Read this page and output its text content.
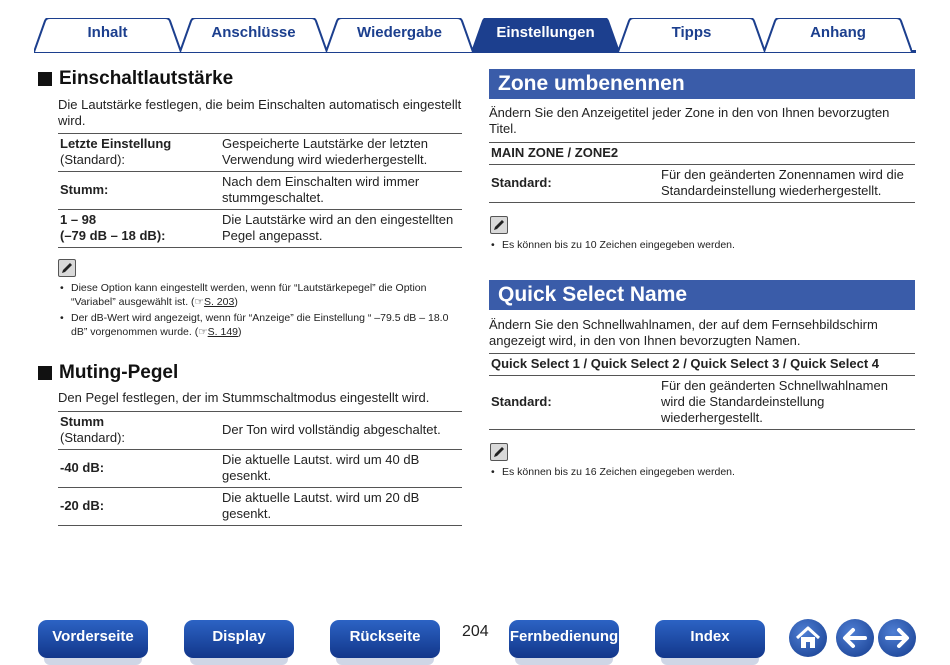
Inhalt	Anschlüsse	Wiedergabe	Einstellungen	Tipps	Anhang
Einschaltlautstärke
Die Lautstärke festlegen, die beim Einschalten automatisch eingestellt wird.
Letzte Einstellung
(Standard):	Gespeicherte Lautstärke der letzten Verwendung wird wiederhergestellt.
Stumm:	Nach dem Einschalten wird immer stummgeschaltet.

1 – 98
(–79 dB – 18 dB):	Die Lautstärke wird an den eingestellten Pegel angepasst.
• Diese Option kann eingestellt werden, wenn für “Lautstärkepegel” die Option “Variabel” ausgewählt ist. (☞S. 203)
• Der dB-Wert wird angezeigt, wenn für “Anzeige” die Einstellung “ –79.5 dB – 18.0 dB” vorgenommen wurde. (☞S. 149)
Muting-Pegel
Den Pegel festlegen, der im Stummschaltmodus eingestellt wird.
Stumm
(Standard):	Der Ton wird vollständig abgeschaltet.
-40 dB:	Die aktuelle Lautst. wird um 40 dB gesenkt.
-20 dB:	Die aktuelle Lautst. wird um 20 dB gesenkt.
Zone umbenennen
Ändern Sie den Anzeigetitel jeder Zone in den von Ihnen bevorzugten Titel.
MAIN ZONE / ZONE2
Standard:	Für den geänderten Zonennamen wird die Standardeinstellung wiederhergestellt.
• Es können bis zu 10 Zeichen eingegeben werden.
Quick Select Name
Ändern Sie den Schnellwahlnamen, der auf dem Fernsehbildschirm angezeigt wird, in den von Ihnen bevorzugten Namen.
Quick Select 1 / Quick Select 2 / Quick Select 3 / Quick Select 4
Standard:	Für den geänderten Schnellwahlnamen wird die Standardeinstellung wiederhergestellt.
• Es können bis zu 16 Zeichen eingegeben werden.
Vorderseite	Display	Rückseite	204 Fernbedienung	Index
